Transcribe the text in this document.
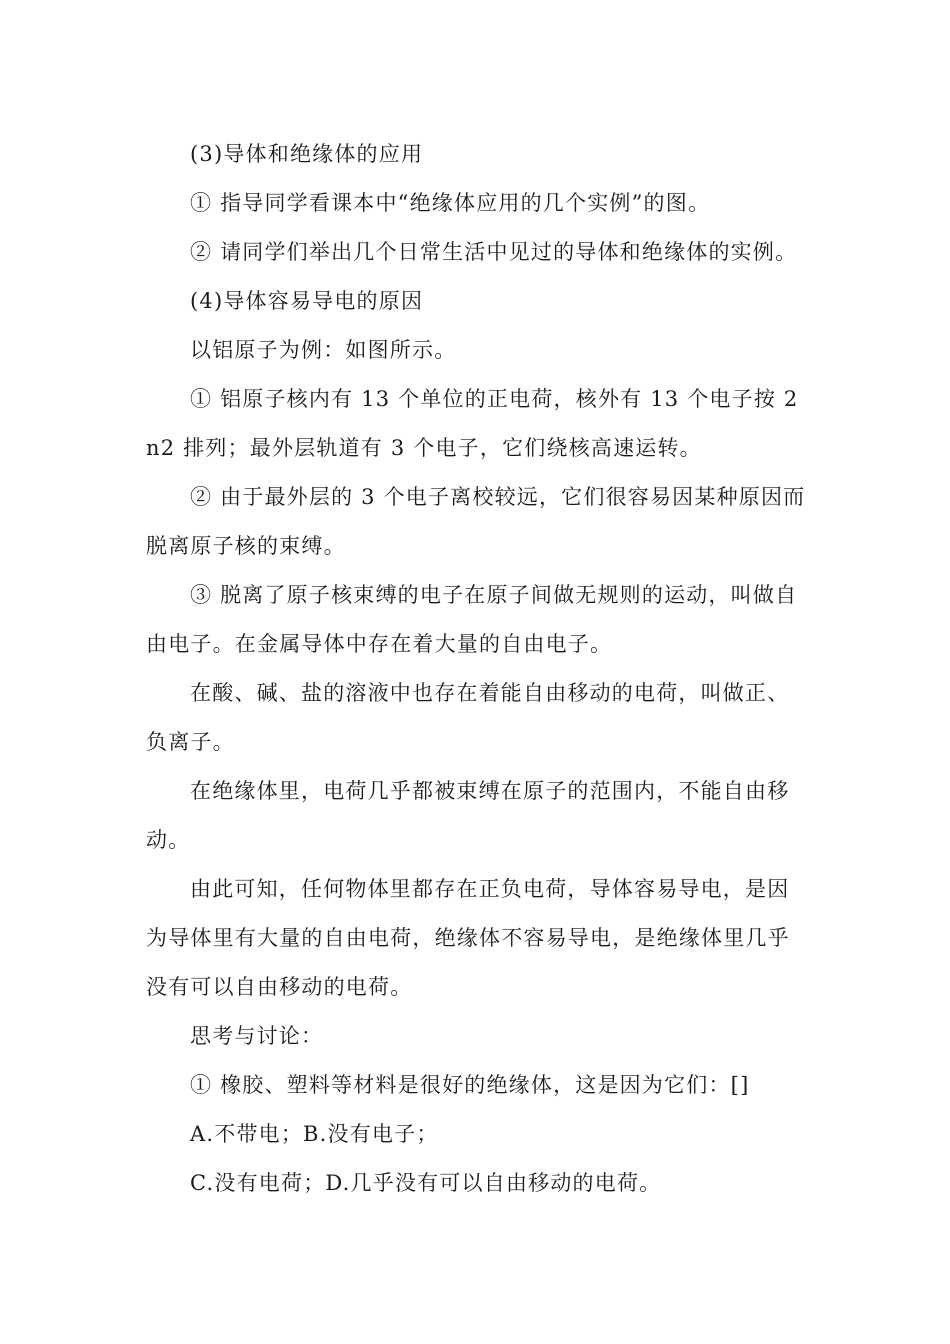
(3)导体和绝缘体的应用

① 指导同学看课本中“绝缘体应用的几个实例”的图。

② 请同学们举出几个日常生活中见过的导体和绝缘体的实例。

(4)导体容易导电的原因

以铝原子为例：如图所示。

① 铝原子核内有 13 个单位的正电荷，核外有 13 个电子按 2n2 排列；最外层轨道有 3 个电子，它们绕核高速运转。

② 由于最外层的 3 个电子离校较远，它们很容易因某种原因而脱离原子核的束缚。

③ 脱离了原子核束缚的电子在原子间做无规则的运动，叫做自由电子。在金属导体中存在着大量的自由电子。

在酸、碱、盐的溶液中也存在着能自由移动的电荷，叫做正、负离子。

在绝缘体里，电荷几乎都被束缚在原子的范围内，不能自由移动。

由此可知，任何物体里都存在正负电荷，导体容易导电，是因为导体里有大量的自由电荷，绝缘体不容易导电，是绝缘体里几乎没有可以自由移动的电荷。

思考与讨论：

① 橡胶、塑料等材料是很好的绝缘体，这是因为它们：[]

A.不带电；B.没有电子；

C.没有电荷；D.几乎没有可以自由移动的电荷。
